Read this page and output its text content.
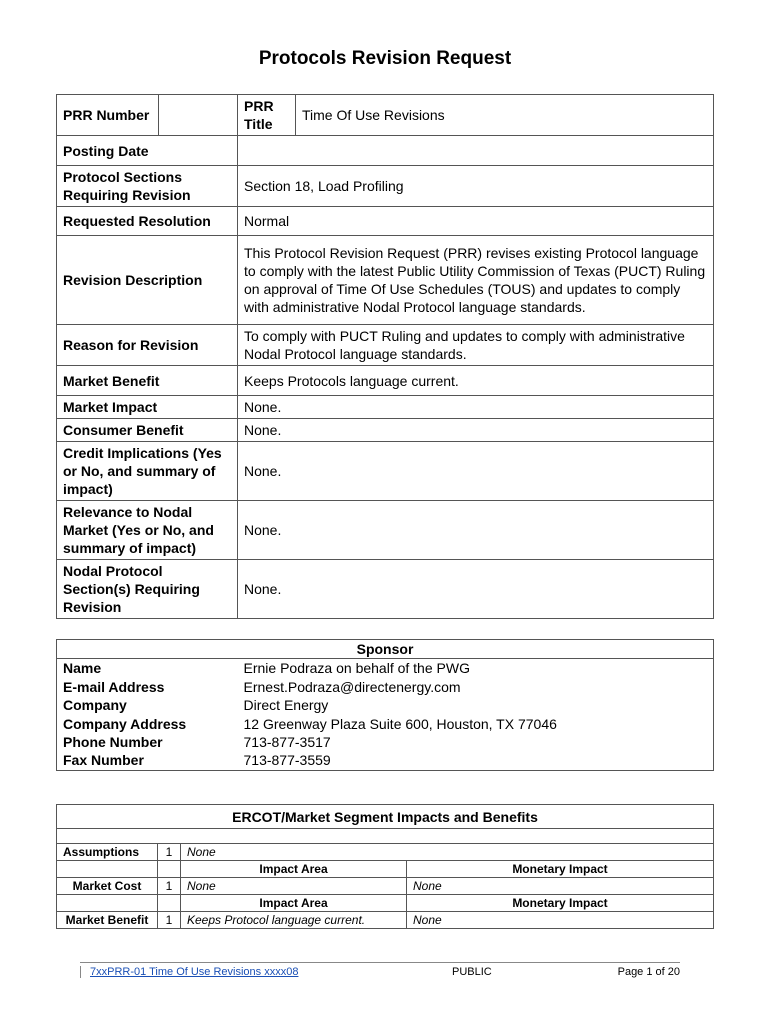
Protocols Revision Request
PRR Number		PRR Title	Time Of Use Revisions
Posting Date			
Protocol Sections Requiring Revision		Section 18, Load Profiling	
Requested Resolution		Normal	
Revision Description		This Protocol Revision Request (PRR) revises existing Protocol language to comply with the latest Public Utility Commission of Texas (PUCT) Ruling on approval of Time Of Use Schedules (TOUS) and updates to comply with administrative Nodal Protocol language standards.	
Reason for Revision		To comply with PUCT Ruling and updates to comply with administrative Nodal Protocol language standards.	
Market Benefit		Keeps Protocols language current.	
Market Impact		None.	
Consumer Benefit		None.	
Credit Implications (Yes or No, and summary of impact)		None.	
Relevance to Nodal Market (Yes or No, and summary of impact)		None.	
Nodal Protocol Section(s) Requiring Revision		None.	
Sponsor	
Name	Ernie Podraza on behalf of the PWG
E-mail Address	Ernest.Podraza@directenergy.com
Company	Direct Energy
Company Address	12 Greenway Plaza Suite 600, Houston, TX 77046
Phone Number	713-877-3517
Fax Number	713-877-3559
ERCOT/Market Segment Impacts and Benefits			

Assumptions	1	None	
		Impact Area	Monetary Impact
Market Cost	1	None	None
		Impact Area	Monetary Impact
Market Benefit	1	Keeps Protocol language current.	None
7xxPRR-01 Time Of Use Revisions xxxx08	PUBLIC	Page 1 of 20
